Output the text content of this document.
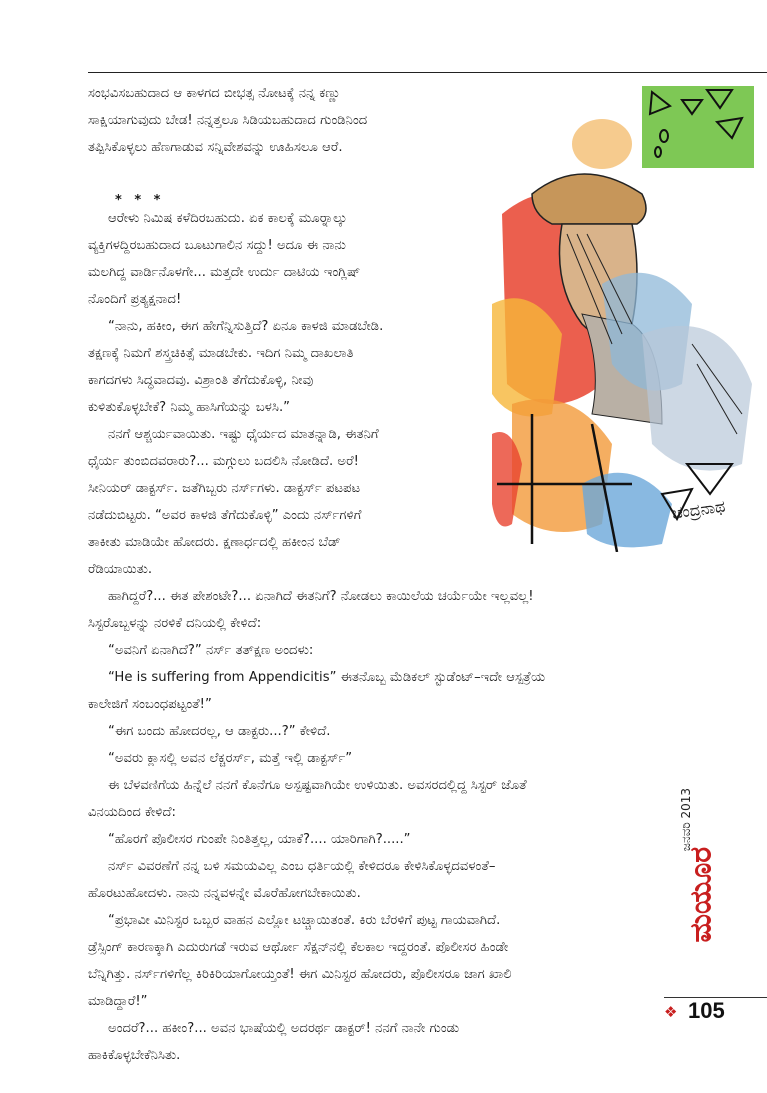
ಸಂಭವಿಸಬಹುದಾದ ಆ ಕಾಳಗದ ಬೀಭತ್ಸ ನೋಟಕ್ಕೆ ನನ್ನ ಕಣ್ಣು
ಸಾಕ್ಷಿಯಾಗುವುದು ಬೇಡ! ನನ್ನತ್ತಲೂ ಸಿಡಿಯಬಹುದಾದ ಗುಂಡಿನಿಂದ
ತಪ್ಪಿಸಿಕೊಳ್ಳಲು ಹೆಣಗಾಡುವ ಸನ್ನಿವೇಶವನ್ನು ಊಹಿಸಲೂ ಆರೆ.
ಆರೇಳು ನಿಮಿಷ ಕಳೆದಿರಬಹುದು. ಏಕ ಕಾಲಕ್ಕೆ ಮೂರ್‍ನಾಲ್ಕು
ವ್ಯಕ್ತಿಗಳದ್ದಿರಬಹುದಾದ ಬೂಟುಗಾಲಿನ ಸದ್ದು! ಅದೂ ಈ ನಾನು
ಮಲಗಿದ್ದ ವಾರ್ಡಿನೊಳಗೇ... ಮತ್ತದೇ ಉರ್ದು ದಾಟಿಯ ಇಂಗ್ಲಿಷ್
ನೊಂದಿಗೆ ಪ್ರತ್ಯಕ್ಷನಾದ!
“ನಾನು, ಹಕೀಂ, ಈಗ ಹೇಗೆನ್ನಿಸುತ್ತಿದೆ? ಏನೂ ಕಾಳಜಿ ಮಾಡಬೇಡಿ.
ತಕ್ಷಣಕ್ಕೆ ನಿಮಗೆ ಶಸ್ತ್ರಚಿಕಿತ್ಸೆ ಮಾಡಬೇಕು. ಇದಿಗ ನಿಮ್ಮ ದಾಖಲಾತಿ
ಕಾಗದಗಳು ಸಿದ್ಧವಾದವು. ವಿಶ್ರಾಂತಿ ತೆಗೆದುಕೊಳ್ಳಿ, ನೀವು
ಕುಳಿತುಕೊಳ್ಳಬೇಕೆ? ನಿಮ್ಮ ಹಾಸಿಗೆಯನ್ನು ಬಳಸಿ.”
ನನಗೆ ಆಶ್ಚರ್ಯವಾಯಿತು. ಇಷ್ಟು ಧೈರ್ಯದ ಮಾತನ್ನಾಡಿ, ಈತನಿಗೆ
ಧೈರ್ಯ ತುಂಬಿದವರಾರು?... ಮಗ್ಗುಲು ಬದಲಿಸಿ ನೋಡಿದೆ. ಅರೆ!
ಸೀನಿಯರ್ ಡಾಕ್ಟರ್ಸ್. ಜತೆಗಿಬ್ಬರು ನರ್ಸ್‍ಗಳು. ಡಾಕ್ಟರ್ಸ್ ಪಟಪಟ
ನಡೆದುಬಿಟ್ಟರು. “ಅವರ ಕಾಳಜಿ ತೆಗೆದುಕೊಳ್ಳಿ” ಎಂದು ನರ್ಸ್‍ಗಳಿಗೆ
ತಾಕೀತು ಮಾಡಿಯೇ ಹೋದರು. ಕ್ಷಣಾರ್ಧದಲ್ಲಿ ಹಕೀಂನ ಬೆಡ್
ರೆಡಿಯಾಯಿತು.
ಹಾಗಿದ್ದರೆ?... ಈತ ಪೇಶಂಟೇ?... ಏನಾಗಿದೆ ಈತನಿಗೆ? ನೋಡಲು ಕಾಯಿಲೆಯ ಚರ್ಯೆಯೇ ಇಲ್ಲವಲ್ಲ!
ಸಿಸ್ಟರೊಬ್ಬಳನ್ನು ನರಳಿಕೆ ದನಿಯಲ್ಲಿ ಕೇಳಿದೆ:
“ಅವನಿಗೆ ಏನಾಗಿದೆ?” ನರ್ಸ್ ತತ್‍ಕ್ಷಣ ಅಂದಳು:
“He is suffering from Appendicitis” ಈತನೊಬ್ಬ ಮೆಡಿಕಲ್ ಸ್ಟುಡೆಂಟ್–ಇದೇ ಆಸ್ಪತ್ರೆಯ
ಕಾಲೇಜಿಗೆ ಸಂಬಂಧಪಟ್ಟಂತೆ!”
“ಈಗ ಬಂದು ಹೋದರಲ್ಲ, ಆ ಡಾಕ್ಟರು...?” ಕೇಳಿದೆ.
“ಅವರು ಕ್ಲಾಸಲ್ಲಿ ಅವನ ಲೆಕ್ಚರರ್ಸ್, ಮತ್ತೆ ಇಲ್ಲಿ ಡಾಕ್ಟರ್ಸ್”
ಈ ಬೆಳವಣಿಗೆಯ ಹಿನ್ನೆಲೆ ನನಗೆ ಕೊನೆಗೂ ಅಸ್ಪಷ್ಟವಾಗಿಯೇ ಉಳಿಯಿತು. ಅವಸರದಲ್ಲಿದ್ದ ಸಿಸ್ಟರ್ ಜೊತೆ
ವಿನಯದಿಂದ ಕೇಳಿದೆ:
“ಹೊರಗೆ ಪೊಲೀಸರ ಗುಂಪೇ ನಿಂತಿತ್ತಲ್ಲ, ಯಾಕೆ?.... ಯಾರಿಗಾಗಿ?.....”
ನರ್ಸ್ ವಿವರಣೆಗೆ ನನ್ನ ಬಳಿ ಸಮಯವಿಲ್ಲ ಎಂಬ ಧರ್ತಿಯಲ್ಲಿ ಕೇಳಿದರೂ ಕೇಳಿಸಿಕೊಳ್ಳದವಳಂತೆ–
ಹೊರಟುಹೋದಳು. ನಾನು ನನ್ನವಳನ್ನೇ ಮೊರೆಹೋಗಬೇಕಾಯಿತು.
“ಪ್ರಭಾವೀ ಮಿನಿಸ್ಟರ ಒಬ್ಬರ ವಾಹನ ಎಲ್ಲೋ ಟಚ್ಚಾಯಿತಂತೆ. ಕಿರು ಬೆರಳಿಗೆ ಪುಟ್ಟ ಗಾಯವಾಗಿದೆ.
ಡ್ರೆಸ್ಸಿಂಗ್ ಕಾರಣಕ್ಕಾಗಿ ಎದುರುಗಡೆ ಇರುವ ಆರ್ಥೋ ಸೆಕ್ಷನ್‍ನಲ್ಲಿ ಕೆಲಕಾಲ ಇದ್ದರಂತೆ. ಪೊಲೀಸರ ಹಿಂಡೇ
ಬೆನ್ನಿಗಿತ್ತು. ನರ್ಸ್‍ಗಳಿಗೆಲ್ಲ ಕಿರಿಕಿರಿಯಾಗೋಯ್ತಂತೆ! ಈಗ ಮಿನಿಸ್ಟರ ಹೋದರು, ಪೊಲೀಸರೂ ಜಾಗ ಖಾಲಿ
ಮಾಡಿದ್ದಾರೆ!”
ಅಂದರೆ?... ಹಕೀಂ?... ಅವನ ಭಾಷೆಯಲ್ಲಿ ಅದರರ್ಥ ಡಾಕ್ಟರ್! ನನಗೆ ನಾನೇ ಗುಂಡು
ಹಾಕಿಕೊಳ್ಳಬೇಕೆನಿಸಿತು.
* * *
ಚಂದ್ರನಾಥ
ಜನವರಿ 2013
ಮಯೂರ
❖ 105
